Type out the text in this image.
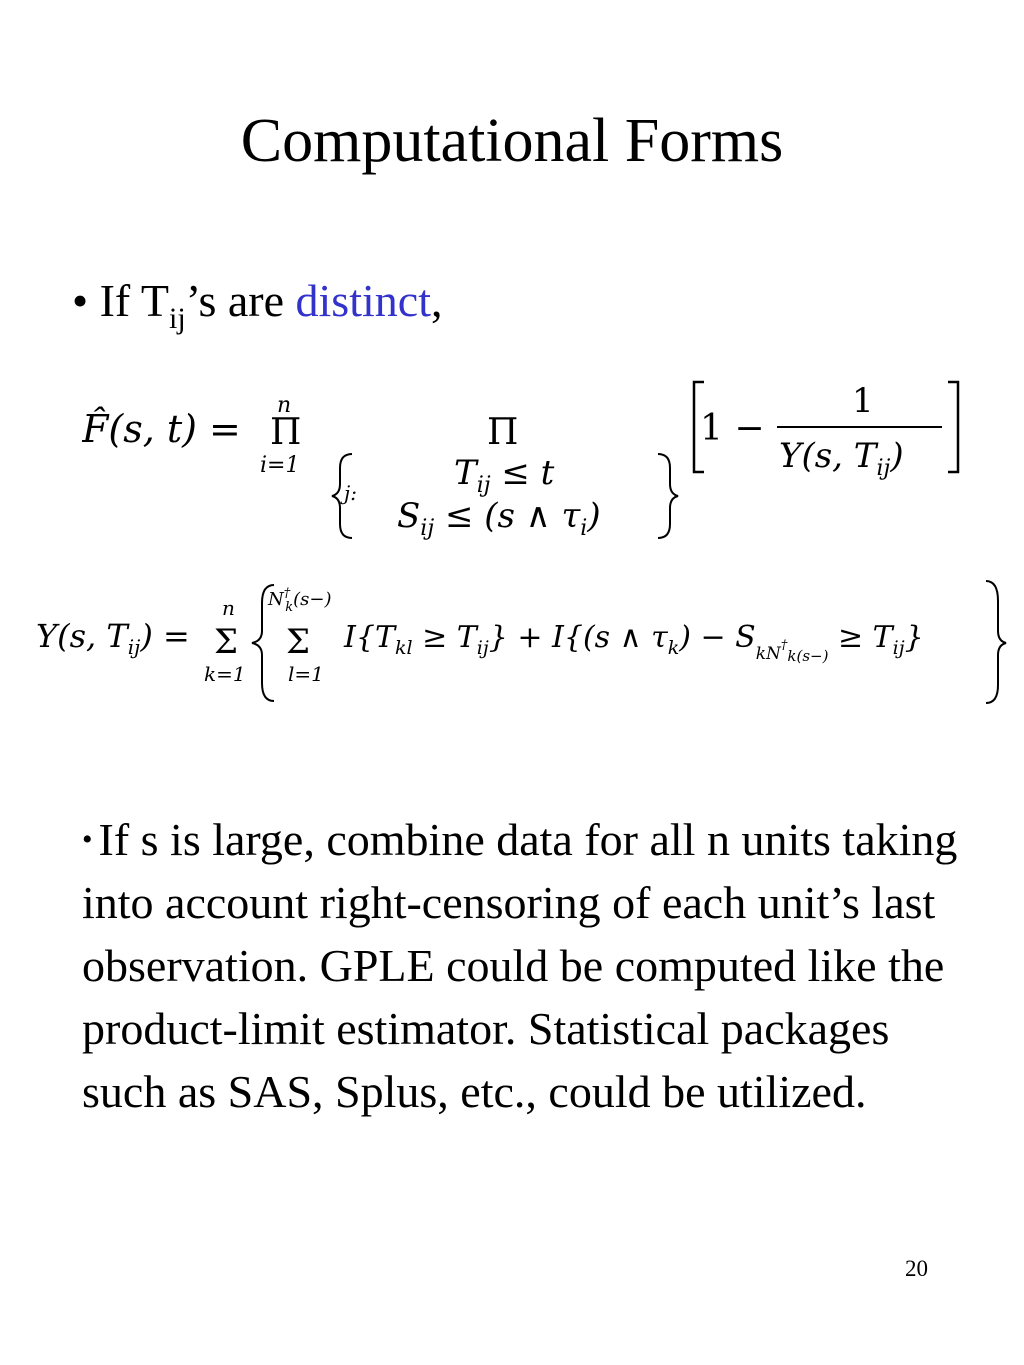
Computational Forms
• If $T_{ij}’s$ are distinct,
F̂(s, t) =
n
Π
i=1
Π
j:	$T_{ij} \le t$
$S_{ij} \le (s$ ∧ $\tau_i$)
1 −
1
Y(s, $T_{ij}$)
Y(s, $T_{ij}$) =
n
Σ
k=1
N† k(s−)
Σ
l=1
$I\{T_{kl} \ge T_{ij}\} + I\{(s$ ∧ $\tau_k) - S_{kN}^\dagger_{k(s-)} \ge T_{ij}$}
• If s is large, combine data for all n units taking into account right-censoring of each unit’s last observation. GPLE could be computed like the product-limit estimator. Statistical packages such as SAS, Splus, etc., could be utilized.
20
